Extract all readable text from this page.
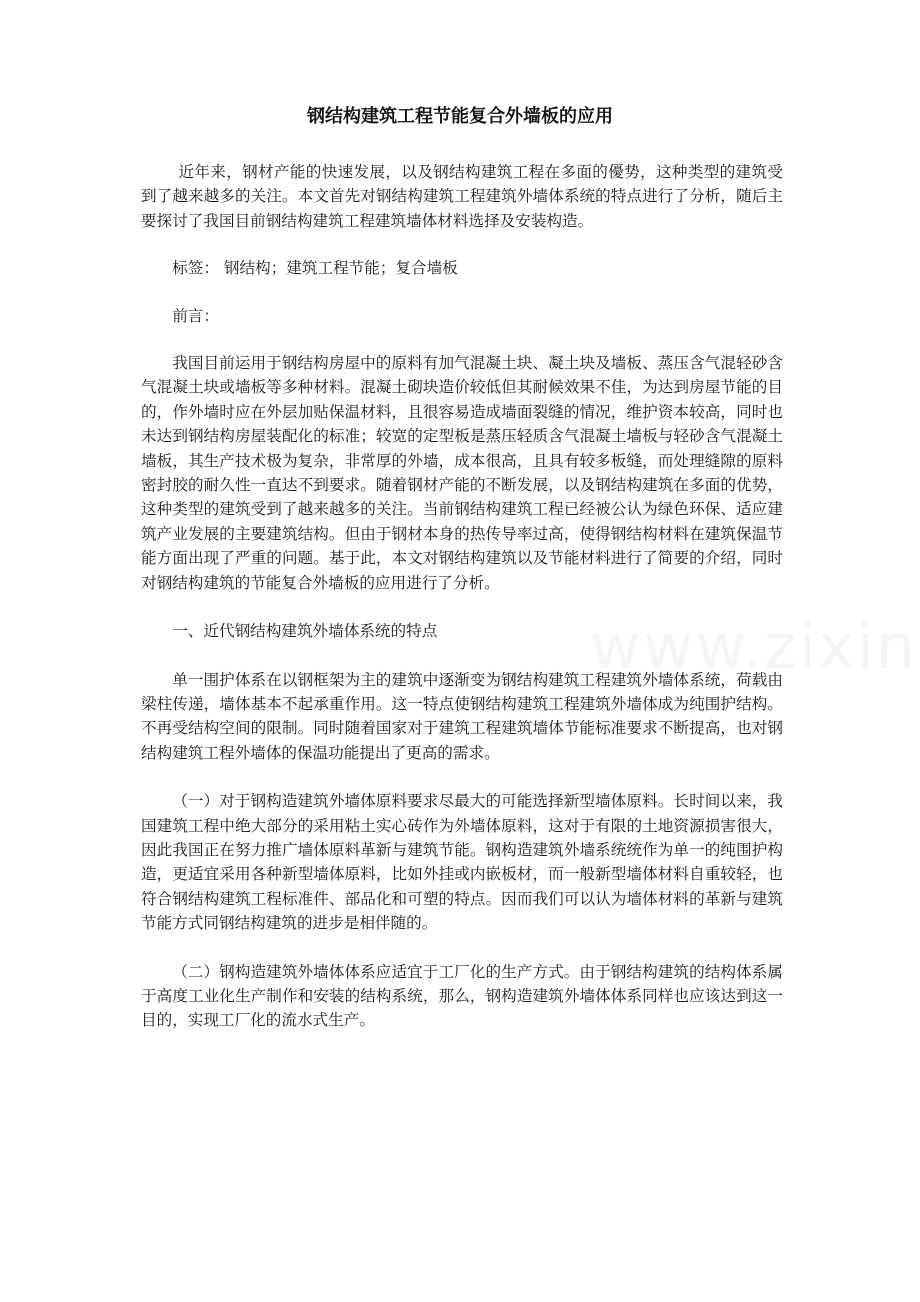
钢结构建筑工程节能复合外墙板的应用

近年来，钢材产能的快速发展，以及钢结构建筑工程在多面的優势，这种类型的建筑受到了越来越多的关注。本文首先对钢结构建筑工程建筑外墙体系统的特点进行了分析，随后主要探讨了我国目前钢结构建筑工程建筑墙体材料选择及安装构造。

标签： 钢结构；建筑工程节能；复合墙板

前言：

我国目前运用于钢结构房屋中的原料有加气混凝土块、凝土块及墙板、蒸压含气混轻砂含气混凝土块或墙板等多种材料。混凝土砌块造价较低但其耐候效果不佳，为达到房屋节能的目的，作外墙时应在外层加贴保温材料，且很容易造成墙面裂缝的情况，维护资本较高，同时也未达到钢结构房屋装配化的标准；较宽的定型板是蒸压轻质含气混凝土墙板与轻砂含气混凝土墙板，其生产技术极为复杂，非常厚的外墙，成本很高，且具有较多板缝，而处理缝隙的原料密封胶的耐久性一直达不到要求。随着钢材产能的不断发展，以及钢结构建筑在多面的优势，这种类型的建筑受到了越来越多的关注。当前钢结构建筑工程已经被公认为绿色环保、适应建筑产业发展的主要建筑结构。但由于钢材本身的热传导率过高，使得钢结构材料在建筑保温节能方面出现了严重的问题。基于此，本文对钢结构建筑以及节能材料进行了简要的介绍，同时对钢结构建筑的节能复合外墙板的应用进行了分析。

一、近代钢结构建筑外墙体系统的特点

单一围护体系在以钢框架为主的建筑中逐渐变为钢结构建筑工程建筑外墙体系统，荷载由梁柱传递，墙体基本不起承重作用。这一特点使钢结构建筑工程建筑外墙体成为纯围护结构。不再受结构空间的限制。同时随着国家对于建筑工程建筑墙体节能标准要求不断提高，也对钢结构建筑工程外墙体的保温功能提出了更高的需求。

（一）对于钢构造建筑外墙体原料要求尽最大的可能选择新型墙体原料。长时间以来，我国建筑工程中绝大部分的采用粘土实心砖作为外墙体原料，这对于有限的土地资源损害很大，因此我国正在努力推广墙体原料革新与建筑节能。钢构造建筑外墙系统统作为单一的纯围护构造，更适宜采用各种新型墙体原料，比如外挂或内嵌板材，而一般新型墙体材料自重较轻，也符合钢结构建筑工程标准件、部品化和可塑的特点。因而我们可以认为墙体材料的革新与建筑节能方式同钢结构建筑的进步是相伴随的。

（二）钢构造建筑外墙体体系应适宜于工厂化的生产方式。由于钢结构建筑的结构体系属于高度工业化生产制作和安装的结构系统，那么，钢构造建筑外墙体体系同样也应该达到这一目的，实现工厂化的流水式生产。
